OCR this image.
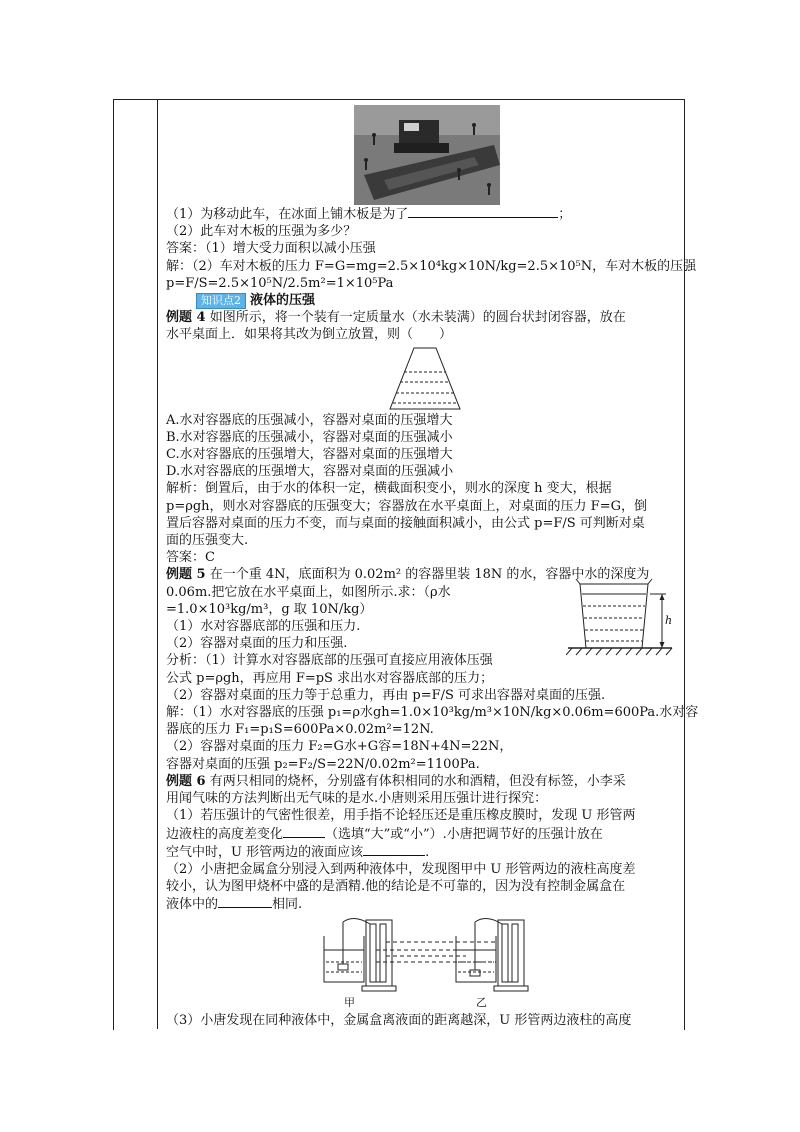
（1）为移动此车，在冰面上铺木板是为了	；
（2）此车对木板的压强为多少？
答案：（1）增大受力面积以减小压强
解：（2）车对木板的压力 F=G=mg=2.5×10⁴kg×10N/kg=2.5×10⁵N，车对木板的压强
p=F/S=2.5×10⁵N/2.5m²=1×10⁵Pa
知识点2 液体的压强
例题 4 如图所示，将一个装有一定质量水（水未装满）的圆台状封闭容器，放在
水平桌面上．如果将其改为倒立放置，则（　　）
A.水对容器底的压强减小，容器对桌面的压强增大
B.水对容器底的压强减小，容器对桌面的压强减小
C.水对容器底的压强增大，容器对桌面的压强增大
D.水对容器底的压强增大，容器对桌面的压强减小
解析：倒置后，由于水的体积一定，横截面积变小，则水的深度 h 变大，根据
p=ρgh，则水对容器底的压强变大；容器放在水平桌面上，对桌面的压力 F=G，倒
置后容器对桌面的压力不变，而与桌面的接触面积减小，由公式 p=F/S 可判断对桌
面的压强变大.
答案：C
例题 5 在一个重 4N，底面积为 0.02m² 的容器里装 18N 的水，容器中水的深度为
0.06m.把它放在水平桌面上，如图所示.求：（ρ水
=1.0×10³kg/m³，g 取 10N/kg）
（1）水对容器底部的压强和压力.
（2）容器对桌面的压力和压强.
分析：（1）计算水对容器底部的压强可直接应用液体压强
h
公式 p=ρgh，再应用 F=pS 求出水对容器底部的压力；
（2）容器对桌面的压力等于总重力，再由 p=F/S 可求出容器对桌面的压强.
解：（1）水对容器底的压强 p₁=ρ水gh=1.0×10³kg/m³×10N/kg×0.06m=600Pa.水对容
器底的压力 F₁=p₁S=600Pa×0.02m²=12N.
（2）容器对桌面的压力 F₂=G水+G容=18N+4N=22N，
容器对桌面的压强 p₂=F₂/S=22N/0.02m²=1100Pa.
例题 6 有两只相同的烧杯，分别盛有体积相同的水和酒精，但没有标签，小李采
用闻气味的方法判断出无气味的是水.小唐则采用压强计进行探究：
（1）若压强计的气密性很差，用手指不论轻压还是重压橡皮膜时，发现 U 形管两
边液柱的高度差变化	（选填“大”或“小”）.小唐把调节好的压强计放在
空气中时，U 形管两边的液面应该	.
（2）小唐把金属盒分别浸入到两种液体中，发现图甲中 U 形管两边的液柱高度差
较小，认为图甲烧杯中盛的是酒精.他的结论是不可靠的，因为没有控制金属盒在
液体中的	相同.
甲	乙
（3）小唐发现在同种液体中，金属盒离液面的距离越深，U 形管两边液柱的高度
